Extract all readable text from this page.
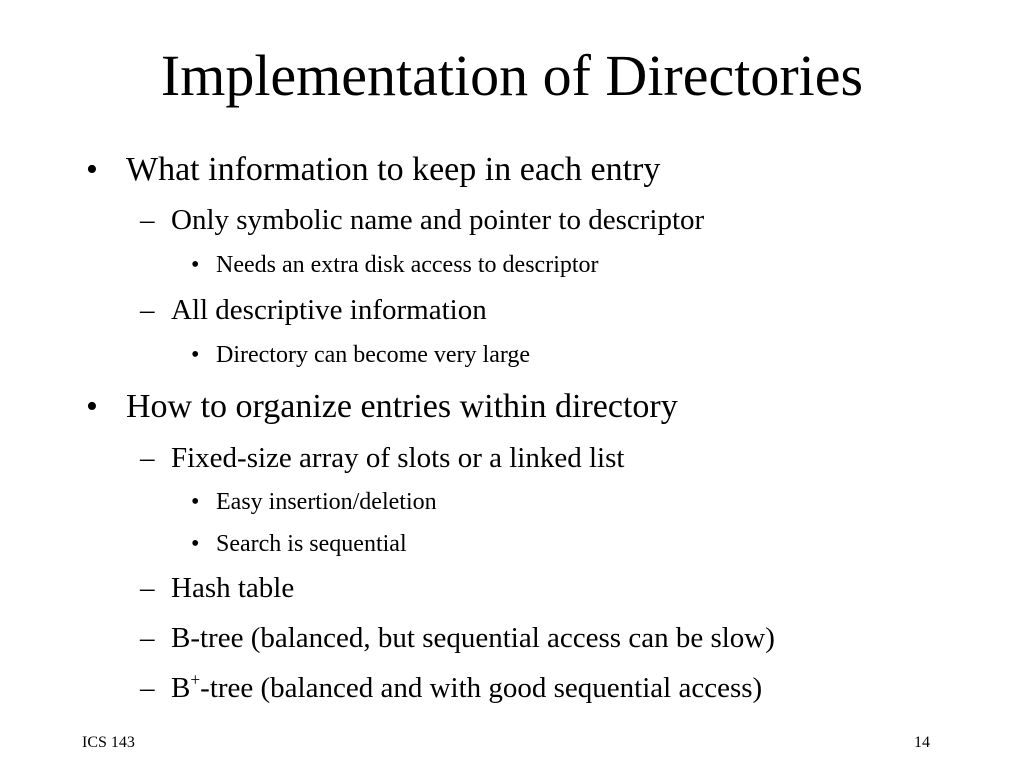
Implementation of Directories
• What information to keep in each entry
– Only symbolic name and pointer to descriptor
• Needs an extra disk access to descriptor
– All descriptive information
• Directory can become very large
• How to organize entries within directory
– Fixed-size array of slots or a linked list
• Easy insertion/deletion
• Search is sequential
– Hash table
– B-tree (balanced, but sequential access can be slow)
– B+-tree (balanced and with good sequential access)
ICS 143	14
